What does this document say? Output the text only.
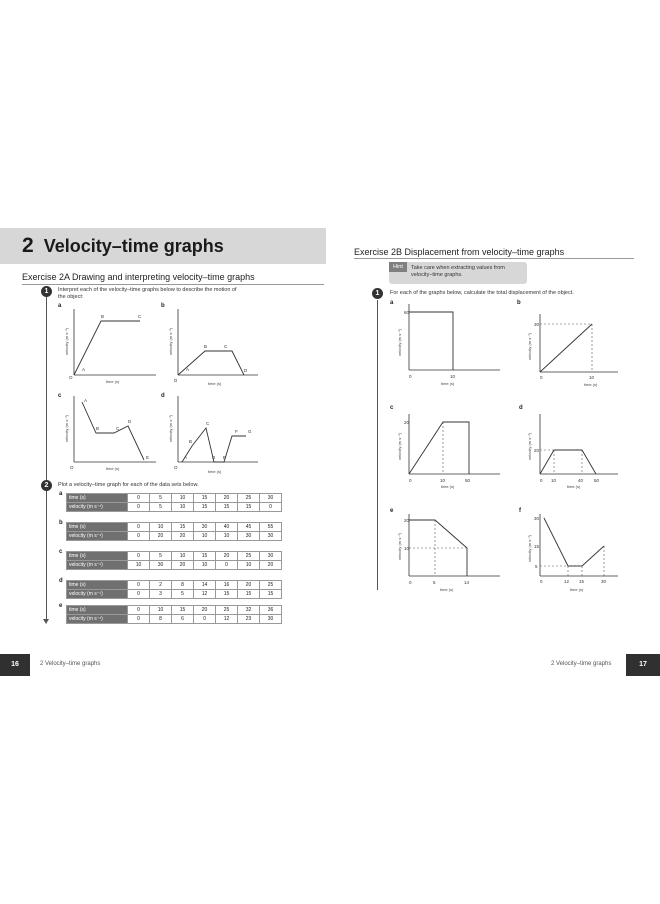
2 Velocity–time graphs
Exercise 2A Drawing and interpreting velocity–time graphs
1	Interpret each of the velocity–time graphs below to describe the motion of
the object:
a
O
A
B	C
velocity (m s⁻¹)
time (s)
b
D
A
B	C
D
velocity (m s⁻¹)
time (s)
c
O
A
B	C
D
E
velocity (m s⁻¹)
time (s)
d
O
A
B
C
D E
F G
velocity (m s⁻¹)
time (s)
2	Plot a velocity–time graph for each of the data sets below.
a
time (s)	0	5	10	15	20	25	30
velocity (m s⁻¹)	0	5	10	15	15	15	0
b
time (s)	0	10	15	30	40	45	55
velocity (m s⁻¹)	0	20	20	10	10	30	30
c
time (s)	0	5	10	15	20	25	30
velocity (m s⁻¹)	10	30	20	10	0	10	20
d
time (s)	0	2	8	14	16	20	25
velocity (m s⁻¹)	0	3	5	12	15	15	15
e
time (s)	0	10	15	20	25	32	36
velocity (m s⁻¹)	0	8	6	0	12	23	30
16	2 Velocity–time graphs
Exercise 2B Displacement from velocity–time graphs
Hint	Take care when extracting values from
velocity–time graphs.
1	For each of the graphs below, calculate the total displacement of the object.
a
60
0	10
velocity (m s⁻¹)
time (s)
b
30
0	10
velocity (m s⁻¹)
time (s)
c
20
0	10	50
velocity (m s⁻¹)
time (s)
d
20
0 10	40 50
velocity (m s⁻¹)
time (s)
e
20
10
0	5	14
velocity (m s⁻¹)
time (s)
f
30
15
5
0	12 15	30
velocity (m s⁻¹)
time (s)
2 Velocity–time graphs	17
